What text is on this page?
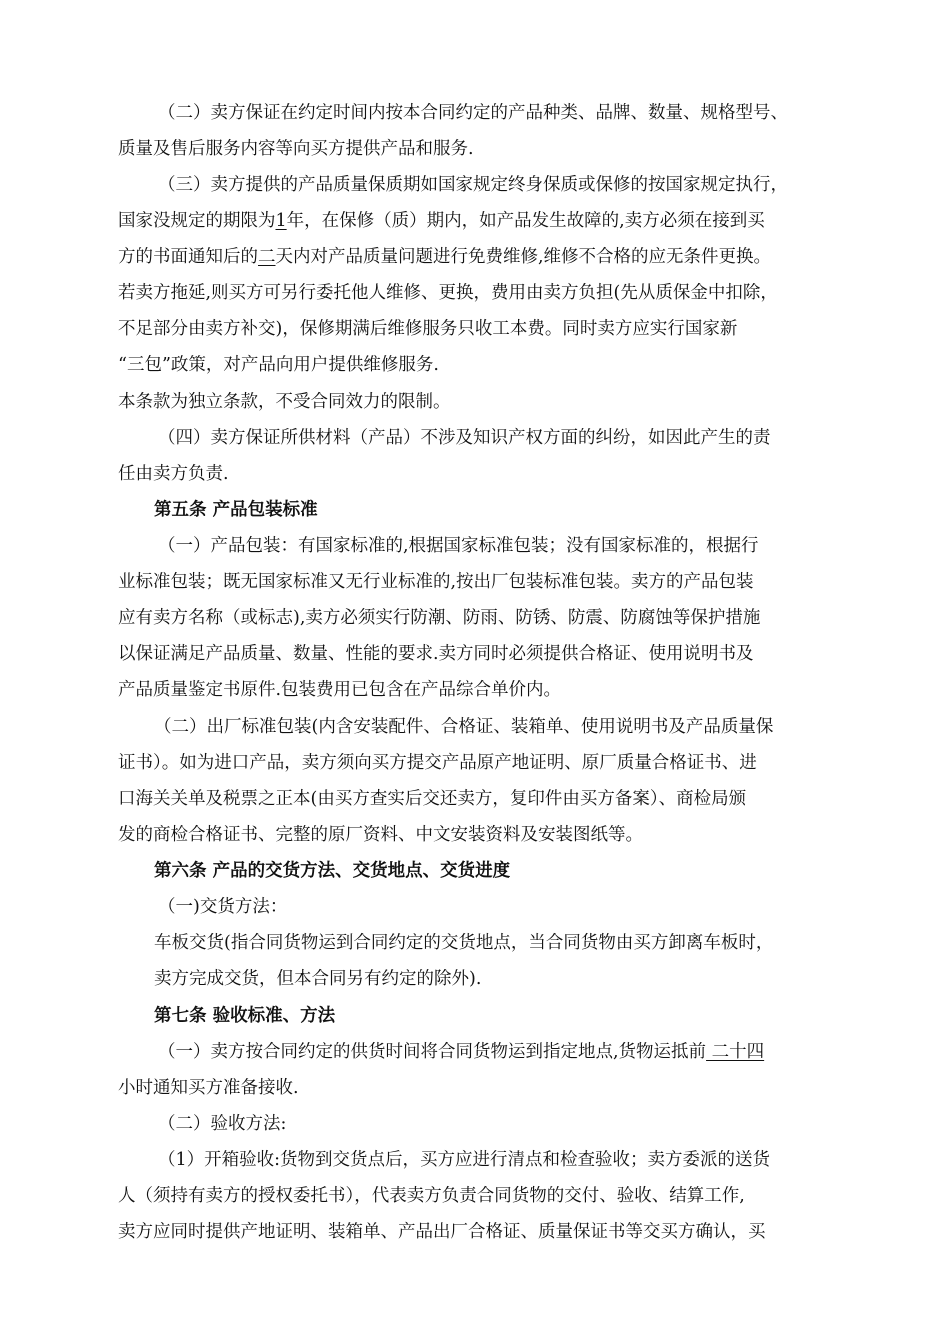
（二）卖方保证在约定时间内按本合同约定的产品种类、品牌、数量、规格型号、
质量及售后服务内容等向买方提供产品和服务.
（三）卖方提供的产品质量保质期如国家规定终身保质或保修的按国家规定执行，
国家没规定的期限为1年，在保修（质）期内，如产品发生故障的,卖方必须在接到买
方的书面通知后的二天内对产品质量问题进行免费维修,维修不合格的应无条件更换。
若卖方拖延,则买方可另行委托他人维修、更换，费用由卖方负担(先从质保金中扣除，
不足部分由卖方补交)，保修期满后维修服务只收工本费。同时卖方应实行国家新
“三包”政策，对产品向用户提供维修服务.
本条款为独立条款，不受合同效力的限制。
（四）卖方保证所供材料（产品）不涉及知识产权方面的纠纷，如因此产生的责
任由卖方负责.
第五条 产品包装标准
（一）产品包装：有国家标准的,根据国家标准包装；没有国家标准的，根据行
业标准包装；既无国家标准又无行业标准的,按出厂包装标准包装。卖方的产品包装
应有卖方名称（或标志),卖方必须实行防潮、防雨、防锈、防震、防腐蚀等保护措施
以保证满足产品质量、数量、性能的要求.卖方同时必须提供合格证、使用说明书及
产品质量鉴定书原件.包装费用已包含在产品综合单价内。
（二）出厂标准包装(内含安装配件、合格证、装箱单、使用说明书及产品质量保
证书）。如为进口产品，卖方须向买方提交产品原产地证明、原厂质量合格证书、进
口海关关单及税票之正本(由买方查实后交还卖方，复印件由买方备案）、商检局颁
发的商检合格证书、完整的原厂资料、中文安装资料及安装图纸等。
第六条 产品的交货方法、交货地点、交货进度
（一)交货方法：
车板交货(指合同货物运到合同约定的交货地点，当合同货物由买方卸离车板时，
卖方完成交货，但本合同另有约定的除外).
第七条 验收标准、方法
（一）卖方按合同约定的供货时间将合同货物运到指定地点,货物运抵前 二十四
小时通知买方准备接收.
（二）验收方法:
（1）开箱验收:货物到交货点后，买方应进行清点和检查验收；卖方委派的送货
人（须持有卖方的授权委托书），代表卖方负责合同货物的交付、验收、结算工作,
卖方应同时提供产地证明、装箱单、产品出厂合格证、质量保证书等交买方确认，买
